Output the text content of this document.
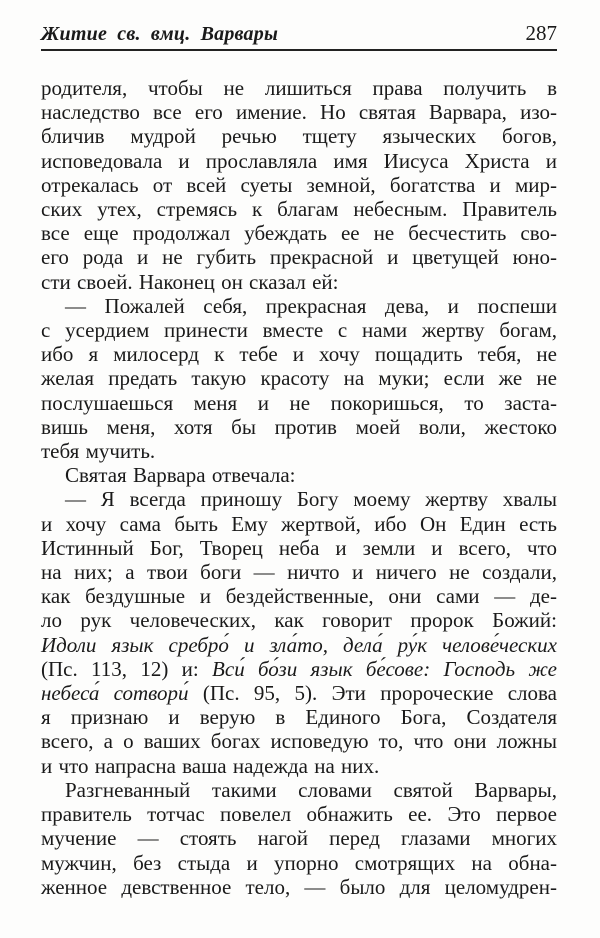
Житие св. вмц. Варвары	287
родителя, чтобы не лишиться права получить в
наследство все его имение. Но святая Варвара, изо-
бличив мудрой речью тщету языческих богов,
исповедовала и прославляла имя Иисуса Христа и
отрекалась от всей суеты земной, богатства и мир-
ских утех, стремясь к благам небесным. Правитель
все еще продолжал убеждать ее не бесчестить сво-
его рода и не губить прекрасной и цветущей юно-
сти своей. Наконец он сказал ей:
— Пожалей себя, прекрасная дева, и поспеши
с усердием принести вместе с нами жертву богам,
ибо я милосерд к тебе и хочу пощадить тебя, не
желая предать такую красоту на муки; если же не
послушаешься меня и не покоришься, то заста-
вишь меня, хотя бы против моей воли, жестоко
тебя мучить.
Святая Варвара отвечала:
— Я всегда приношу Богу моему жертву хвалы
и хочу сама быть Ему жертвой, ибо Он Един есть
Истинный Бог, Творец неба и земли и всего, что
на них; а твои боги — ничто и ничего не создали,
как бездушные и бездейственные, они сами — де-
ло рук человеческих, как говорит пророк Божий:
Идоли язык сребро́ и зла́то, дела́ ру́к челове́ческих
(Пс. 113, 12) и: Вси́ бо́зи язык бе́сове: Господь же
небеса́ сотвори́ (Пс. 95, 5). Эти пророческие слова
я признаю и верую в Единого Бога, Создателя
всего, а о ваших богах исповедую то, что они ложны
и что напрасна ваша надежда на них.
Разгневанный такими словами святой Варвары,
правитель тотчас повелел обнажить ее. Это первое
мучение — стоять нагой перед глазами многих
мужчин, без стыда и упорно смотрящих на обна-
женное девственное тело, — было для целомудрен-
